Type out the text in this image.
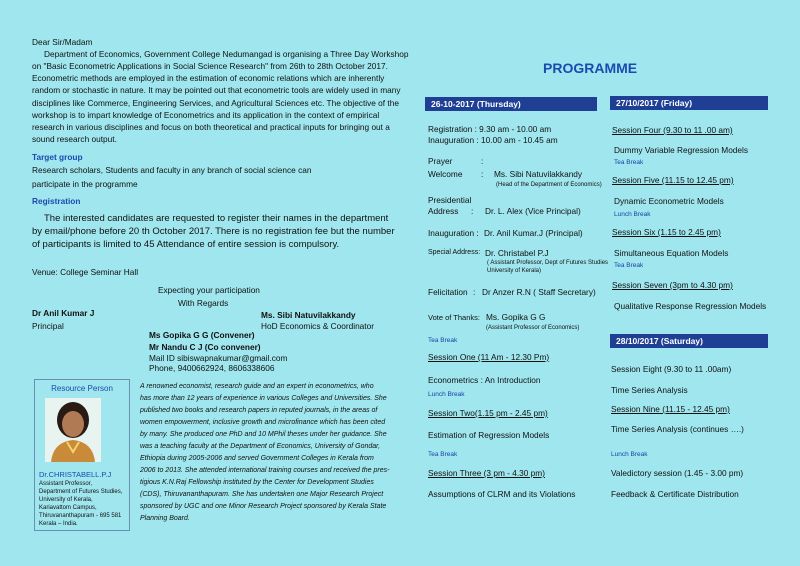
Dear Sir/Madam
Department of Economics, Government College Nedumangad is organising a Three Day Workshop
on "Basic Econometric Applications in Social Science Research" from 26th to 28th October 2017.
Econometric methods are employed in the estimation of economic relations which are inherently
random or stochastic in nature. It may be pointed out that econometric tools are widely used in many
disciplines like Commerce, Engineering Services, and Agricultural Sciences etc. The objective of the
workshop is to impart knowledge of Econometrics and its application in the context of empirical
research in various disciplines and focus on both theoretical and practical inputs for bringing out a
sound research output.
Target group
Research scholars, Students and faculty in any branch of social science can
participate in the programme
Registration
The interested candidates are requested to register their names in the department
by email/phone before 20 th October 2017. There is no registration fee but the number
of participants is limited to 45 Attendance of entire session is compulsory.
Venue: College Seminar Hall
Expecting your participation
With Regards
Dr Anil Kumar J
Principal
Ms. Sibi Natuvilakkandy
HoD Economics & Coordinator
Ms Gopika G G (Convener)
Mr Nandu C J (Co convener)
Mail ID sibiswapnakumar@gmail.com
Phone, 9400662924, 8606338606
Resource Person
Dr.CHRISTABELL.P.J
Assistant Professor,
Department of Futures Studies,
University of Kerala,
Kariavattom Campus,
Thiruvananthapuram - 695 581
Kerala – India.
A renowned economist, research guide and an expert in econometrics, who
has more than 12 years of experience in various Colleges and Universities. She
published two books and research papers in reputed journals, in the areas of
women empowerment, inclusive growth and microfinance which has been cited
by many. She produced one PhD and 10 MPhil theses under her guidance. She
was a teaching faculty at the Department of Economics, University of Gondar,
Ethiopia during 2005-2006 and served Government Colleges in Kerala from
2006 to 2013. She attended international training courses and received the pres-
tigious K.N.Raj Fellowship instituted by the Center for Development Studies
(CDS), Thiruvananthapuram. She has undertaken one Major Research Project
sponsored by UGC and one Minor Research Project sponsored by Kerala State
Planning Board.
PROGRAMME
26-10-2017 (Thursday)
Registration : 9.30 am - 10.00 am
Inauguration : 10.00 am - 10.45 am
Prayer	:
Welcome : Ms. Sibi Natuvilakkandy
(Head of the Department of Economics)
Presidential
Address : Dr. L. Alex (Vice Principal)
Inauguration : Dr. Anil Kumar.J (Principal)
Special Address: Dr. Christabel P.J
( Assistant Professor, Dept of Futures Studies
University of Kerala)
Felicitation : Dr Anzer R.N ( Staff Secretary)
Vote of Thanks: Ms. Gopika G G
(Assistant Professor of Economics)
Tea Break
Session One (11 Am - 12.30 Pm)
Econometrics : An Introduction
Lunch Break
Session Two(1.15 pm - 2.45 pm)
Estimation of Regression Models
Tea Break
Session Three (3 pm - 4.30 pm)
Assumptions of CLRM and its Violations
27/10/2017 (Friday)
Session Four (9.30 to 11 .00 am)
Dummy Variable Regression Models
Tea Break
Session Five (11.15 to 12.45 pm)
Dynamic Econometric Models
Lunch Break
Session Six (1.15 to 2.45 pm)
Simultaneous Equation Models
Tea Break
Session Seven (3pm to 4.30 pm)
Qualitative Response Regression Models
28/10/2017 (Saturday)
Session Eight (9.30 to 11 .00am)
Time Series Analysis
Session Nine (11.15 - 12.45 pm)
Time Series Analysis (continues ….)
Lunch Break
Valedictory session (1.45 - 3.00 pm)
Feedback & Certificate Distribution
